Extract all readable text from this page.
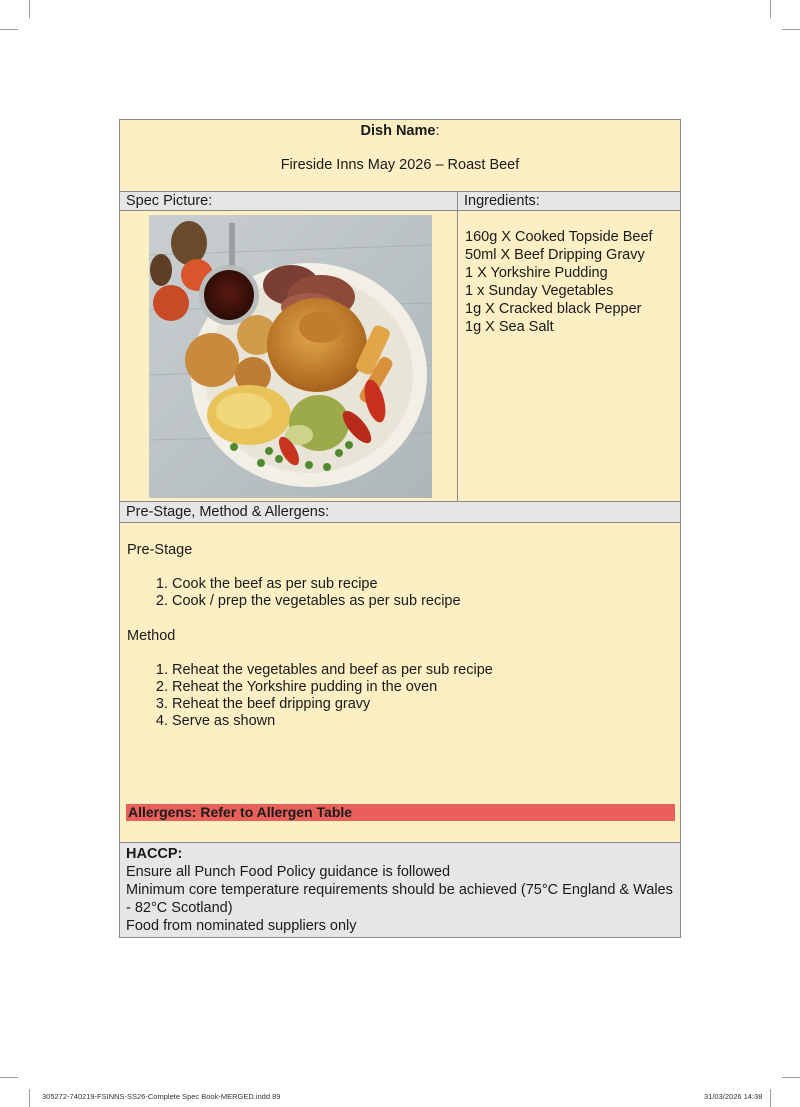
Dish Name:
Fireside Inns May 2026 – Roast Beef
Spec Picture:	Ingredients:
160g X Cooked Topside Beef
50ml X Beef Dripping Gravy
1 X Yorkshire Pudding
1 x Sunday Vegetables
1g X Cracked black Pepper
1g X Sea Salt
Pre-Stage, Method & Allergens:
Pre-Stage
1. Cook the beef as per sub recipe
2. Cook / prep the vegetables as per sub recipe
Method
1. Reheat the vegetables and beef as per sub recipe
2. Reheat the Yorkshire pudding in the oven
3. Reheat the beef dripping gravy
4. Serve as shown
Allergens: Refer to Allergen Table
HACCP:
Ensure all Punch Food Policy guidance is followed
Minimum core temperature requirements should be achieved (75°C England & Wales - 82°C Scotland)
Food from nominated suppliers only
305272-740219-FSINNS-SS26-Complete Spec Book-MERGED.indd 89	31/03/2026 14:38
